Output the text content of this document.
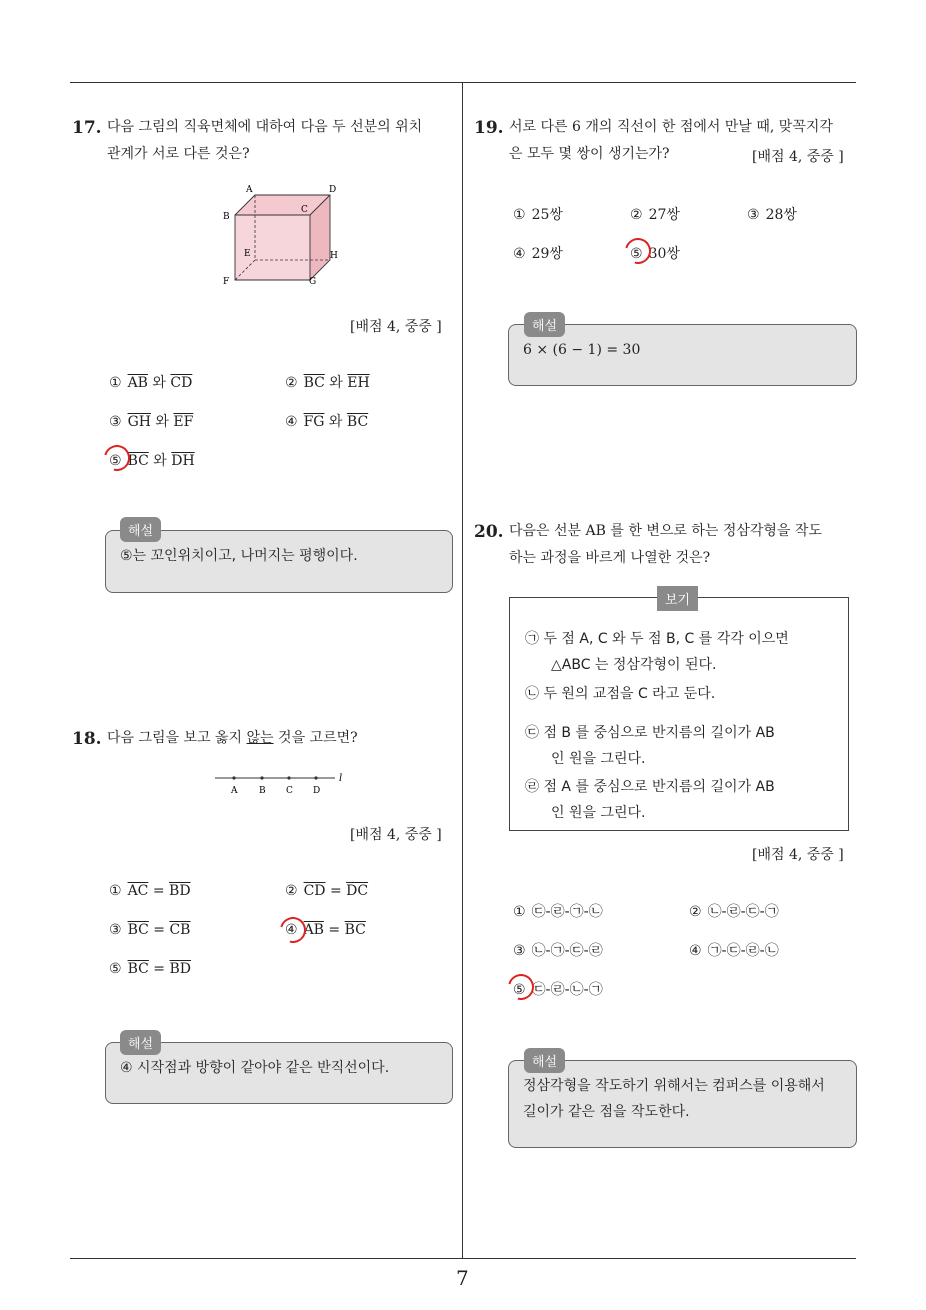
17. 다음 그림의 직육면체에 대하여 다음 두 선분의 위치
관계가 서로 다른 것은?
A	D
B
C
E	H
F	G
[배점 4, 중중 ]
① $\overline{AB}$ 와 $\overline{CD}$	② $\overline{BC}$ 와 $\overline{EH}$
③ $\overline{GH}$ 와 $\overline{EF}$	④ $\overline{FG}$ 와 $\overline{BC}$
⑤ $\overline{BC}$ 와 $\overline{DH}$
⑤는 꼬인위치이고, 나머지는 평행이다.
해설
18. 다음 그림을 보고 옳지 않는 것을 고르면?
A B C D
l
[배점 4, 중중 ]
① $\overline{AC} = \overline{BD}$	② $\overline{CD} = \overline{DC}$
③ $\overline{BC} = \overline{CB}$	④ $\overline{AB} = \overline{BC}$
⑤ $\overline{BC} = \overline{BD}$
④ 시작점과 방향이 같아야 같은 반직선이다.
해설
19. 서로 다른 6 개의 직선이 한 점에서 만날 때, 맞꼭지각
은 모두 몇 쌍이 생기는가?	[배점 4, 중중 ]
① 25쌍	② 27쌍	③ 28쌍
④ 29쌍	⑤ 30쌍
6 × (6 − 1) = 30
해설
20. 다음은 선분 AB 를 한 변으로 하는 정삼각형을 작도
하는 과정을 바르게 나열한 것은?
보기
㉠ 두 점 A, C 와 두 점 B, C 를 각각 이으면
△ABC 는 정삼각형이 된다.
㉡ 두 원의 교점을 C 라고 둔다.
㉢ 점 B 를 중심으로 반지름의 길이가 AB
인 원을 그린다.
㉣ 점 A 를 중심으로 반지름의 길이가 AB
인 원을 그린다.
[배점 4, 중중 ]
① ㉢-㉣-㉠-㉡	② ㉡-㉣-㉢-㉠
③ ㉡-㉠-㉢-㉣	④ ㉠-㉢-㉣-㉡
⑤ ㉢-㉣-㉡-㉠
정삼각형을 작도하기 위해서는 컴퍼스를 이용해서
길이가 같은 점을 작도한다.
해설
7
